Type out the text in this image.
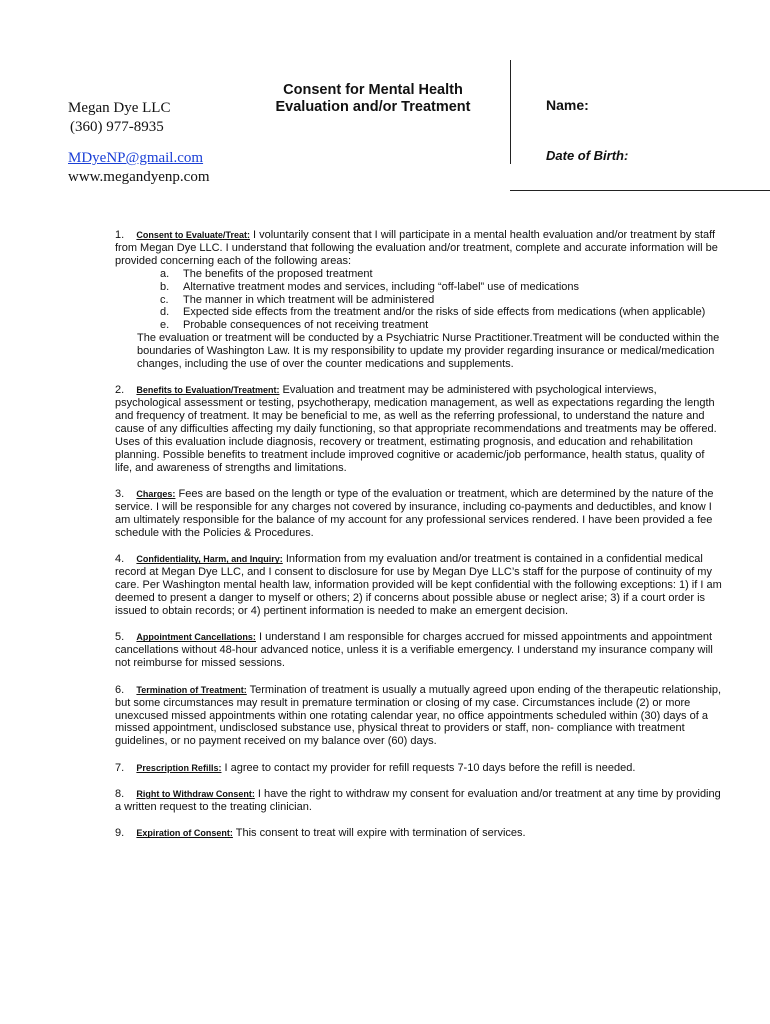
Megan Dye LLC
(360) 977-8935
MDyeNP@gmail.com
www.megandyenp.com
Consent for Mental Health
Evaluation and/or Treatment	Name:
Date of Birth:

1. Consent to Evaluate/Treat: I voluntarily consent that I will participate in a mental health evaluation and/or treatment by staff from Megan Dye LLC. I understand that following the evaluation and/or treatment, complete and accurate information will be provided concerning each of the following areas:

a.	The benefits of the proposed treatment
b.	Alternative treatment modes and services, including “off-label” use of medications
c.	The manner in which treatment will be administered
d. Expected side effects from the treatment and/or the risks of side effects from medications (when applicable)
e.	Probable consequences of not receiving treatment

The evaluation or treatment will be conducted by a Psychiatric Nurse Practitioner.Treatment will be conducted within the boundaries of Washington Law. It is my responsibility to update my provider regarding insurance or medical/medication changes, including the use of over the counter medications and supplements.

2. Benefits to Evaluation/Treatment: Evaluation and treatment may be administered with psychological interviews, psychological assessment or testing, psychotherapy, medication management, as well as expectations regarding the length and frequency of treatment. It may be beneficial to me, as well as the referring professional, to understand the nature and cause of any difficulties affecting my daily functioning, so that appropriate recommendations and treatments may be offered. Uses of this evaluation include diagnosis, recovery or treatment, estimating prognosis, and education and rehabilitation planning. Possible benefits to treatment include improved cognitive or academic/job performance, health status, quality of life, and awareness of strengths and limitations.

3. Charges: Fees are based on the length or type of the evaluation or treatment, which are determined by the nature of the service. I will be responsible for any charges not covered by insurance, including co-payments and deductibles, and know I am ultimately responsible for the balance of my account for any professional services rendered. I have been provided a fee schedule with the Policies & Procedures.

4. Confidentiality, Harm, and Inquiry: Information from my evaluation and/or treatment is contained in a confidential medical record at Megan Dye LLC, and I consent to disclosure for use by Megan Dye LLC’s staff for the purpose of continuity of my care. Per Washington mental health law, information provided will be kept confidential with the following exceptions: 1) if I am deemed to present a danger to myself or others; 2) if concerns about possible abuse or neglect arise; 3) if a court order is issued to obtain records; or 4) pertinent information is needed to make an emergent decision.

5. Appointment Cancellations: I understand I am responsible for charges accrued for missed appointments and appointment cancellations without 48-hour advanced notice, unless it is a verifiable emergency. I understand my insurance company will not reimburse for missed sessions.

6. Termination of Treatment: Termination of treatment is usually a mutually agreed upon ending of the therapeutic relationship, but some circumstances may result in premature termination or closing of my case. Circumstances include (2) or more unexcused missed appointments within one rotating calendar year, no office appointments scheduled within (30) days of a missed appointment, undisclosed substance use, physical threat to providers or staff, non- compliance with treatment guidelines, or no payment received on my balance over (60) days.

7. Prescription Refills: I agree to contact my provider for refill requests 7-10 days before the refill is needed.

8. Right to Withdraw Consent: I have the right to withdraw my consent for evaluation and/or treatment at any time by providing a written request to the treating clinician.

9. Expiration of Consent: This consent to treat will expire with termination of services.
